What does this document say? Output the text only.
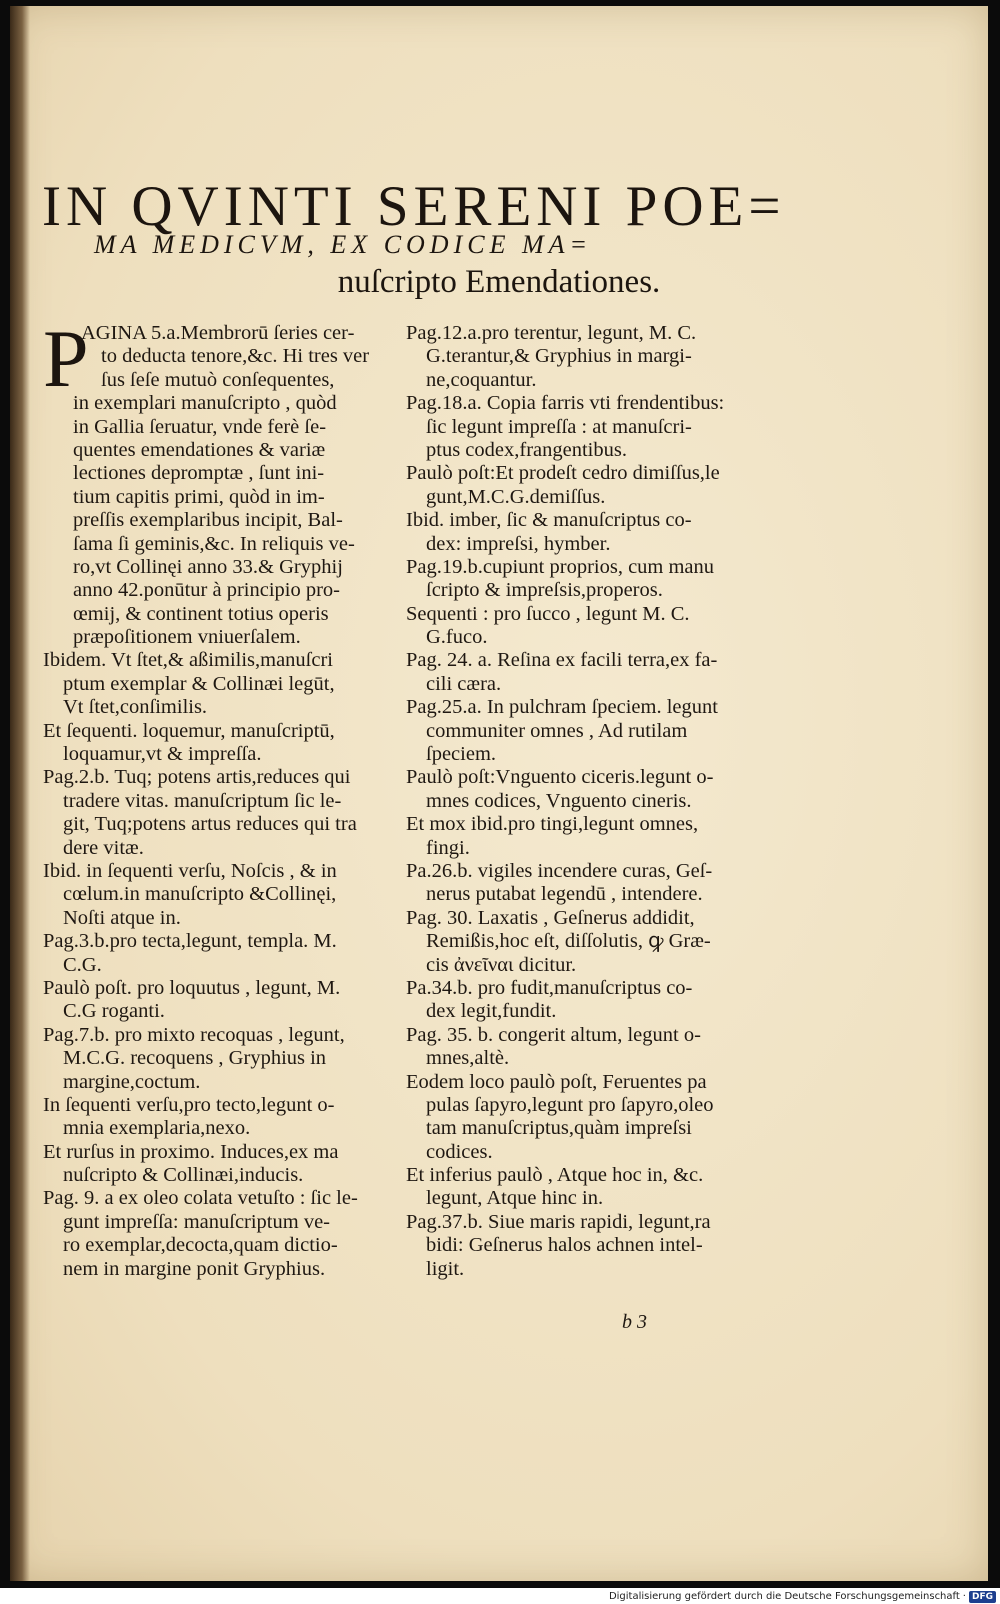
IN QVINTI SERENI POE=
MA MEDICVM, EX CODICE MA=
nuſcripto Emendationes.
P
AGINA 5.a.Membrorū ſeries cer-
to deducta tenore,&c. Hi tres ver
ſus ſeſe mutuò conſequentes,
in exemplari manuſcripto , quòd
in Gallia ſeruatur, vnde ferè ſe-
quentes emendationes & variæ
lectiones depromptæ , ſunt ini-
tium capitis primi, quòd in im-
preſſis exemplaribus incipit, Bal-
ſama ſi geminis,&c. In reliquis ve-
ro,vt Collinęi anno 33.& Gryphij
anno 42.ponūtur à principio pro-
œmij, & continent totius operis
præpoſitionem vniuerſalem.
Ibidem. Vt ſtet,& aßimilis,manuſcri
ptum exemplar & Collinæi legūt,
Vt ſtet,conſimilis.
Et ſequenti. loquemur, manuſcriptū,
loquamur,vt & impreſſa.
Pag.2.b. Tuq; potens artis,reduces qui
tradere vitas. manuſcriptum ſic le-
git, Tuq;potens artus reduces qui tra
dere vitæ.
Ibid. in ſequenti verſu, Noſcis , & in
cœlum.in manuſcripto &Collinęi,
Noſti atque in.
Pag.3.b.pro tecta,legunt, templa. M.
C.G.
Paulò poſt. pro loquutus , legunt, M.
C.G roganti.
Pag.7.b. pro mixto recoquas , legunt,
M.C.G. recoquens , Gryphius in
margine,coctum.
In ſequenti verſu,pro tecto,legunt o-
mnia exemplaria,nexo.
Et rurſus in proximo. Induces,ex ma
nuſcripto & Collinæi,inducis.
Pag. 9. a ex oleo colata vetuſto : ſic le-
gunt impreſſa: manuſcriptum ve-
ro exemplar,decocta,quam dictio-
nem in margine ponit Gryphius.
Pag.12.a.pro terentur, legunt, M. C.
G.terantur,& Gryphius in margi-
ne,coquantur.
Pag.18.a. Copia farris vti frendentibus:
ſic legunt impreſſa : at manuſcri-
ptus codex,frangentibus.
Paulò poſt:Et prodeſt cedro dimiſſus,le
gunt,M.C.G.demiſſus.
Ibid. imber, ſic & manuſcriptus co-
dex: impreſsi, hymber.
Pag.19.b.cupiunt proprios, cum manu
ſcripto & impreſsis,properos.
Sequenti : pro ſucco , legunt M. C.
G.fuco.
Pag. 24. a. Reſina ex facili terra,ex fa-
cili cæra.
Pag.25.a. In pulchram ſpeciem. legunt
communiter omnes , Ad rutilam
ſpeciem.
Paulò poſt:Vnguento ciceris.legunt o-
mnes codices, Vnguento cineris.
Et mox ibid.pro tingi,legunt omnes,
fingi.
Pa.26.b. vigiles incendere curas, Geſ-
nerus putabat legendū , intendere.
Pag. 30. Laxatis , Geſnerus addidit,
Remißis,hoc eſt, diſſolutis, ꝙ Græ-
cis ἀνεῖναι dicitur.
Pa.34.b. pro fudit,manuſcriptus co-
dex legit,fundit.
Pag. 35. b. congerit altum, legunt o-
mnes,altè.
Eodem loco paulò poſt, Feruentes pa
pulas ſapyro,legunt pro ſapyro,oleo
tam manuſcriptus,quàm impreſsi
codices.
Et inferius paulò , Atque hoc in, &c.
legunt, Atque hinc in.
Pag.37.b. Siue maris rapidi, legunt,ra
bidi: Geſnerus halos achnen intel-
ligit.
b 3
Digitalisierung gefördert durch die Deutsche Forschungsgemeinschaft · DFG
